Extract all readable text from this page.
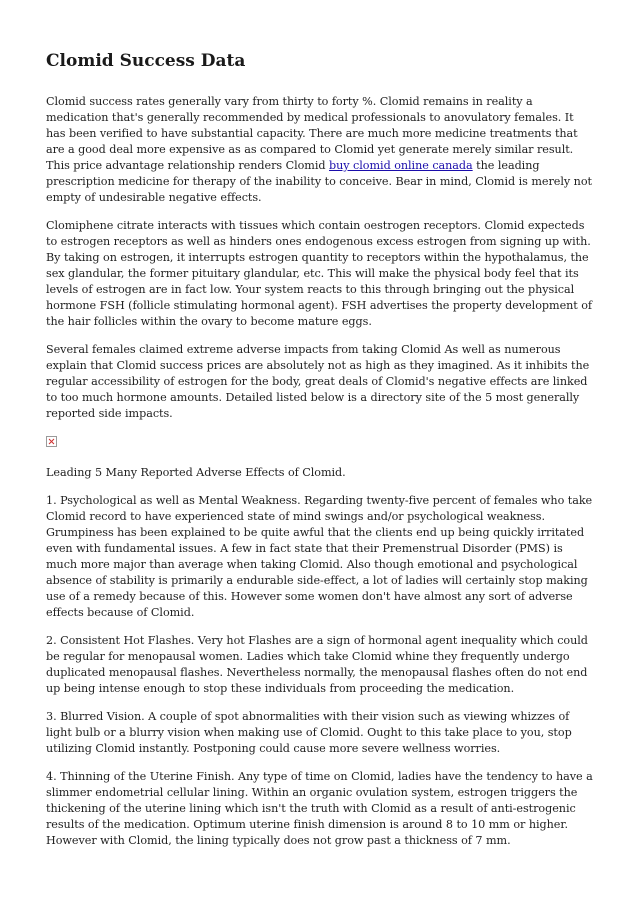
Clomid Success Data

Clomid success rates generally vary from thirty to forty %. Clomid remains in reality a medication that's generally recommended by medical professionals to anovulatory females. It has been verified to have substantial capacity. There are much more medicine treatments that are a good deal more expensive as as compared to Clomid yet generate merely similar result. This price advantage relationship renders Clomid buy clomid online canada the leading prescription medicine for therapy of the inability to conceive. Bear in mind, Clomid is merely not empty of undesirable negative effects.

Clomiphene citrate interacts with tissues which contain oestrogen receptors. Clomid expecteds to estrogen receptors as well as hinders ones endogenous excess estrogen from signing up with. By taking on estrogen, it interrupts estrogen quantity to receptors within the hypothalamus, the sex glandular, the former pituitary glandular, etc. This will make the physical body feel that its levels of estrogen are in fact low. Your system reacts to this through bringing out the physical hormone FSH (follicle stimulating hormonal agent). FSH advertises the property development of the hair follicles within the ovary to become mature eggs.

Several females claimed extreme adverse impacts from taking Clomid As well as numerous explain that Clomid success prices are absolutely not as high as they imagined. As it inhibits the regular accessibility of estrogen for the body, great deals of Clomid's negative effects are linked to too much hormone amounts. Detailed listed below is a directory site of the 5 most generally reported side impacts.

Leading 5 Many Reported Adverse Effects of Clomid.

1. Psychological as well as Mental Weakness. Regarding twenty-five percent of females who take Clomid record to have experienced state of mind swings and/or psychological weakness. Grumpiness has been explained to be quite awful that the clients end up being quickly irritated even with fundamental issues. A few in fact state that their Premenstrual Disorder (PMS) is much more major than average when taking Clomid. Also though emotional and psychological absence of stability is primarily a endurable side-effect, a lot of ladies will certainly stop making use of a remedy because of this. However some women don't have almost any sort of adverse effects because of Clomid.

2. Consistent Hot Flashes. Very hot Flashes are a sign of hormonal agent inequality which could be regular for menopausal women. Ladies which take Clomid whine they frequently undergo duplicated menopausal flashes. Nevertheless normally, the menopausal flashes often do not end up being intense enough to stop these individuals from proceeding the medication.

3. Blurred Vision. A couple of spot abnormalities with their vision such as viewing whizzes of light bulb or a blurry vision when making use of Clomid. Ought to this take place to you, stop utilizing Clomid instantly. Postponing could cause more severe wellness worries.

4. Thinning of the Uterine Finish. Any type of time on Clomid, ladies have the tendency to have a slimmer endometrial cellular lining. Within an organic ovulation system, estrogen triggers the thickening of the uterine lining which isn't the truth with Clomid as a result of anti-estrogenic results of the medication. Optimum uterine finish dimension is around 8 to 10 mm or higher. However with Clomid, the lining typically does not grow past a thickness of 7 mm.
